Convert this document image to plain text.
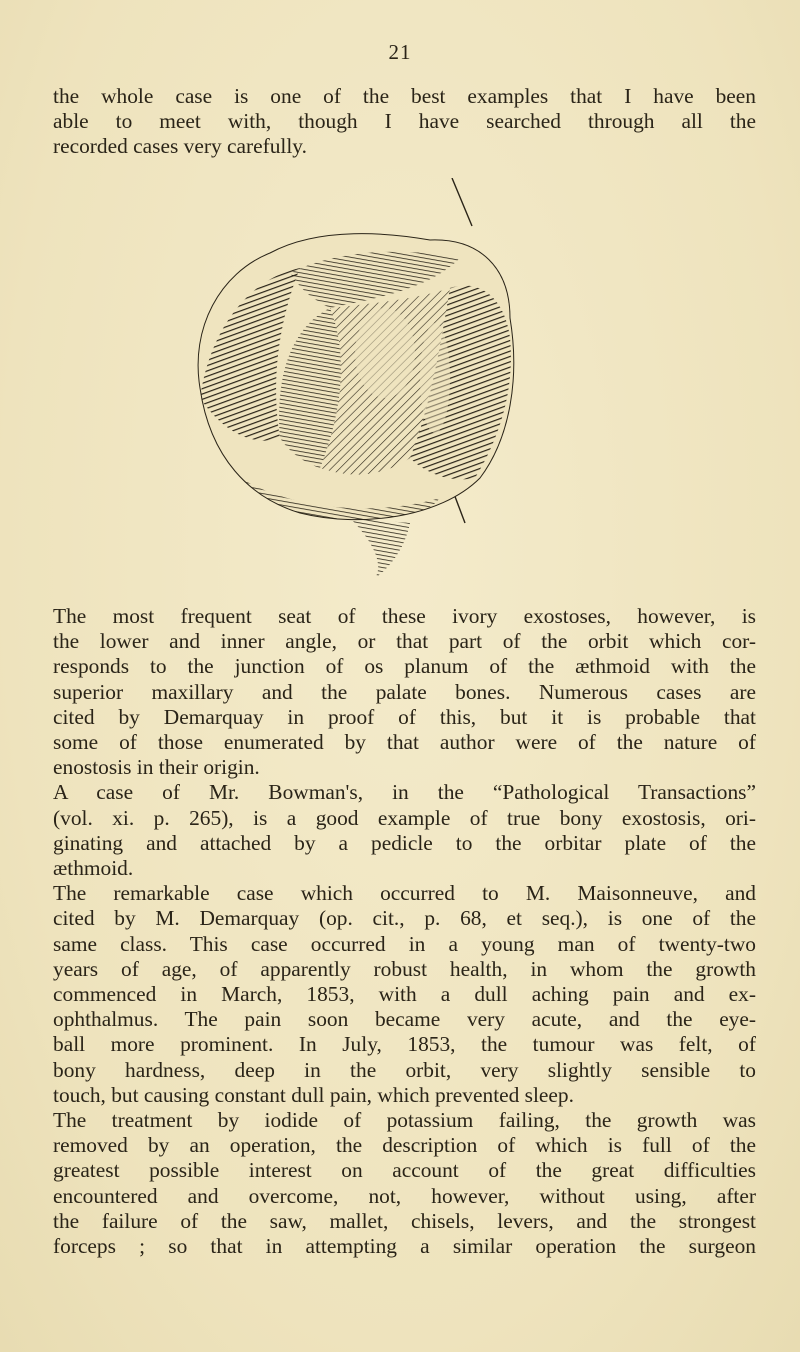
21
the whole case is one of the best examples that I have been
able to meet with, though I have searched through all the
recorded cases very carefully.
The most frequent seat of these ivory exostoses, however, is
the lower and inner angle, or that part of the orbit which cor-
responds to the junction of os planum of the æthmoid with the
superior maxillary and the palate bones. Numerous cases are
cited by Demarquay in proof of this, but it is probable that
some of those enumerated by that author were of the nature of
enostosis in their origin.
A case of Mr. Bowman's, in the “Pathological Transactions”
(vol. xi. p. 265), is a good example of true bony exostosis, ori-
ginating and attached by a pedicle to the orbitar plate of the
æthmoid.
The remarkable case which occurred to M. Maisonneuve, and
cited by M. Demarquay (op. cit., p. 68, et seq.), is one of the
same class. This case occurred in a young man of twenty-two
years of age, of apparently robust health, in whom the growth
commenced in March, 1853, with a dull aching pain and ex-
ophthalmus. The pain soon became very acute, and the eye-
ball more prominent. In July, 1853, the tumour was felt, of
bony hardness, deep in the orbit, very slightly sensible to
touch, but causing constant dull pain, which prevented sleep.
The treatment by iodide of potassium failing, the growth was
removed by an operation, the description of which is full of the
greatest possible interest on account of the great difficulties
encountered and overcome, not, however, without using, after
the failure of the saw, mallet, chisels, levers, and the strongest
forceps ; so that in attempting a similar operation the surgeon
